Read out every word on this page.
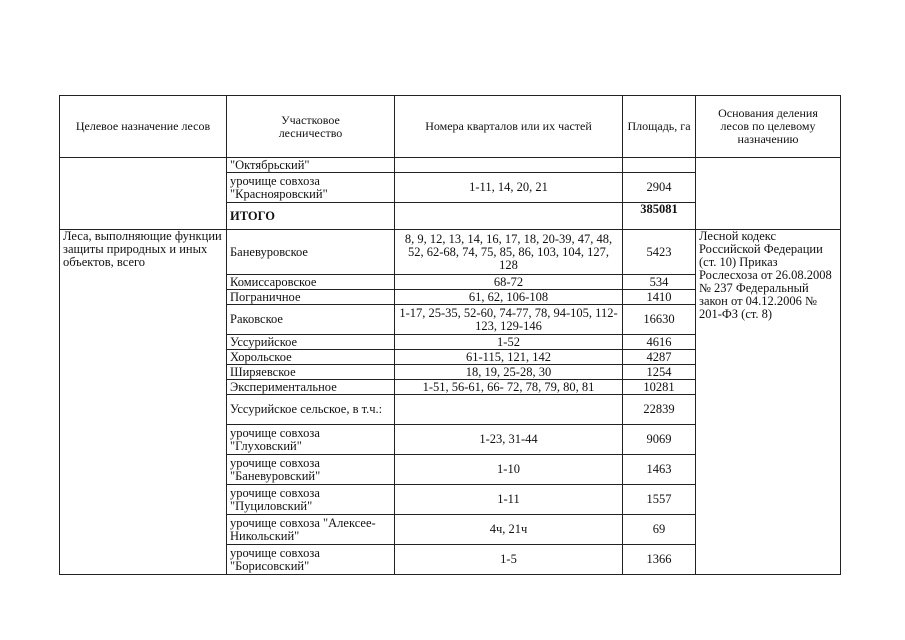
Целевое назначение лесов	Участковое лесничество	Номера кварталов или их частей	Площадь, га	Основания деления лесов по целевому назначению
	"Октябрьский"			
	урочище совхоза "Краснояровский"	1-11, 14, 20, 21	2904	
	ИТОГО		385081	
Леса, выполняющие функции защиты природных и иных объектов, всего	Баневуровское	8, 9, 12, 13, 14, 16, 17, 18, 20-39, 47, 48, 52, 62-68, 74, 75, 85, 86, 103, 104, 127, 128	5423	Лесной кодекс Российской Федерации (ст. 10) Приказ Рослесхоза от 26.08.2008 № 237 Федеральный закон от 04.12.2006 № 201-ФЗ (ст. 8)
	Комиссаровское	68-72	534	
	Пограничное	61, 62, 106-108	1410	
	Раковское	1-17, 25-35, 52-60, 74-77, 78, 94-105, 112-123, 129-146	16630	
	Уссурийское	1-52	4616	
	Хорольское	61-115, 121, 142	4287	
	Ширяевское	18, 19, 25-28, 30	1254	
	Экспериментальное	1-51, 56-61, 66- 72, 78, 79, 80, 81	10281	
	Уссурийское сельское, в т.ч.:		22839	
	урочище совхоза "Глуховский"	1-23, 31-44	9069	
	урочище совхоза "Баневуровский"	1-10	1463	
	урочище совхоза "Пуциловский"	1-11	1557	
	урочище совхоза "Алексее-Никольский"	4ч, 21ч	69	
	урочище совхоза "Борисовский"	1-5	1366	
